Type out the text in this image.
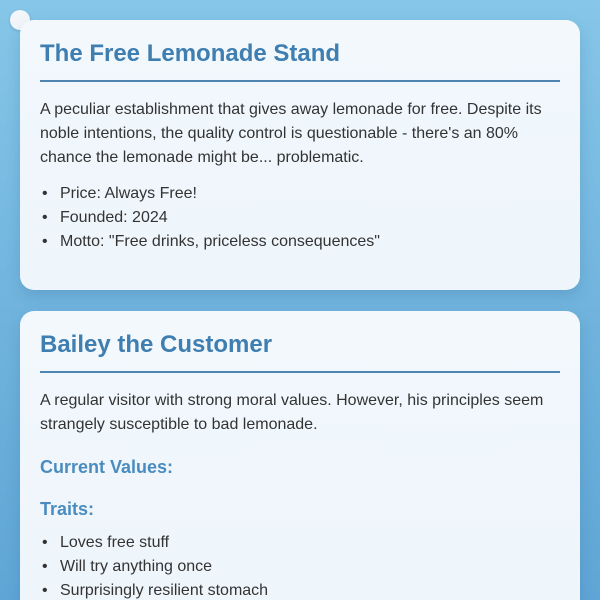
The Free Lemonade Stand

A peculiar establishment that gives away lemonade for free. Despite its noble intentions, the quality control is questionable - there's an 80% chance the lemonade might be... problematic.

• Price: Always Free!
• Founded: 2024
• Motto: "Free drinks, priceless consequences"
Bailey the Customer

A regular visitor with strong moral values. However, his principles seem strangely susceptible to bad lemonade.

Current Values:
Traits:
• Loves free stuff
• Will try anything once
• Surprisingly resilient stomach
